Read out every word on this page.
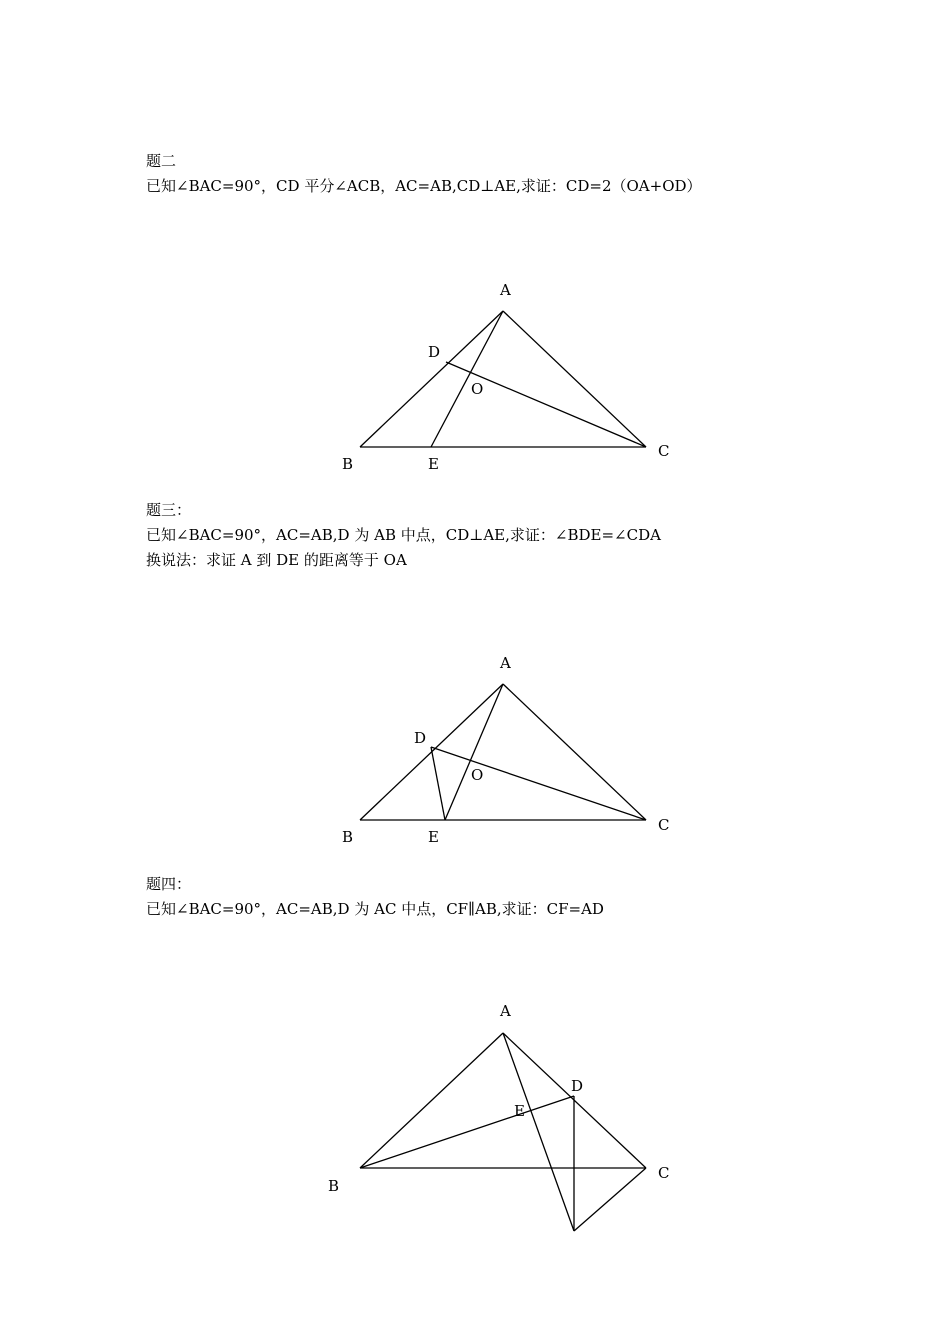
题二
已知∠BAC=90°，CD 平分∠ACB，AC=AB,CD⊥AE,求证：CD=2（OA+OD）
A
B
C
D
E
O
题三：
已知∠BAC=90°，AC=AB,D 为 AB 中点，CD⊥AE,求证：∠BDE=∠CDA
换说法：求证 A 到 DE 的距离等于 OA
A
B
C
D
E
O
题四：
已知∠BAC=90°，AC=AB,D 为 AC 中点，CF∥AB,求证：CF=AD
A
B
C
D
E
